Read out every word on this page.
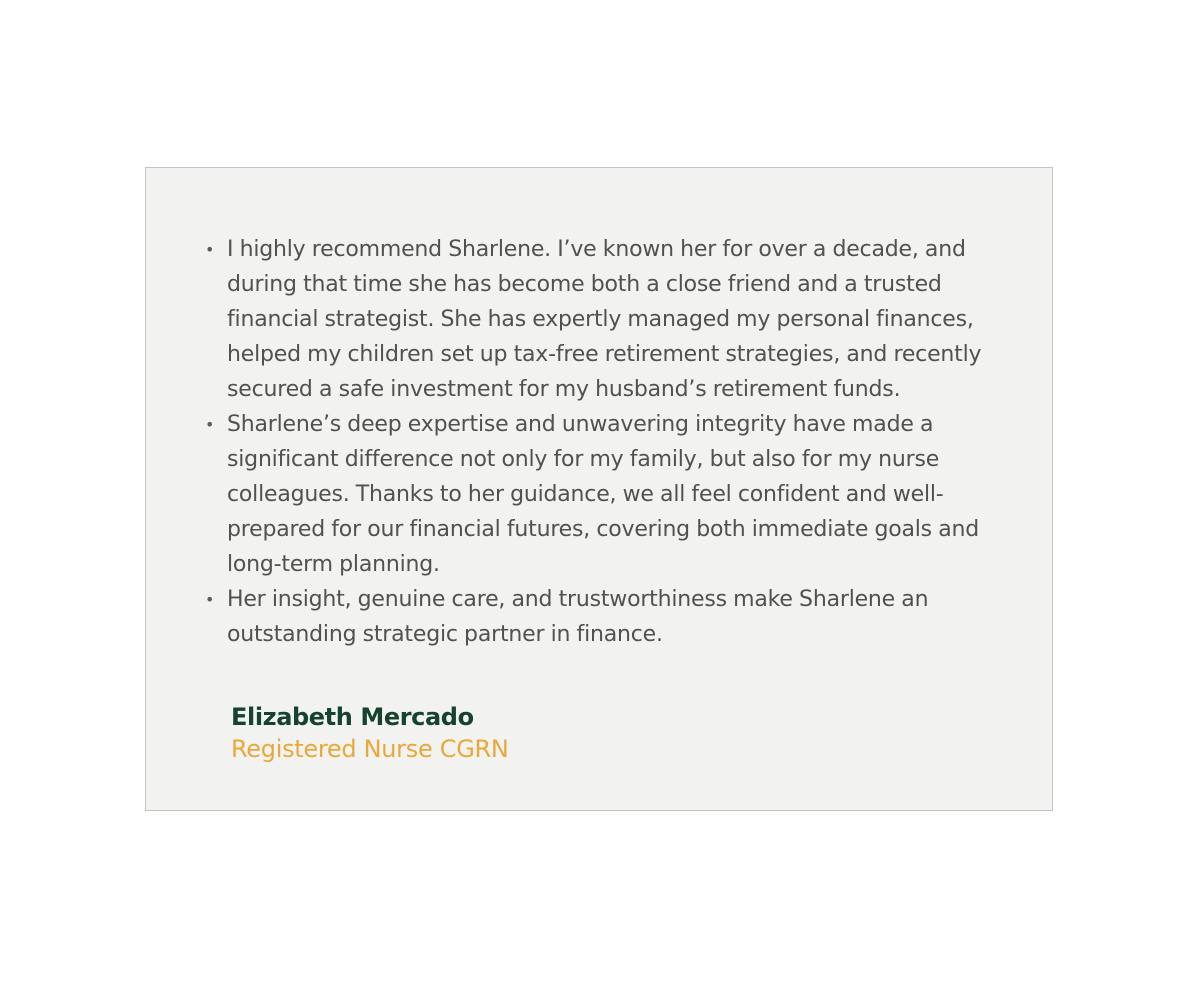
• I highly recommend Sharlene. I’ve known her for over a decade, and during that time she has become both a close friend and a trusted financial strategist. She has expertly managed my personal finances, helped my children set up tax-free retirement strategies, and recently secured a safe investment for my husband’s retirement funds.
• Sharlene’s deep expertise and unwavering integrity have made a significant difference not only for my family, but also for my nurse colleagues. Thanks to her guidance, we all feel confident and well-prepared for our financial futures, covering both immediate goals and long-term planning.
• Her insight, genuine care, and trustworthiness make Sharlene an outstanding strategic partner in finance.
Elizabeth Mercado
Registered Nurse CGRN
